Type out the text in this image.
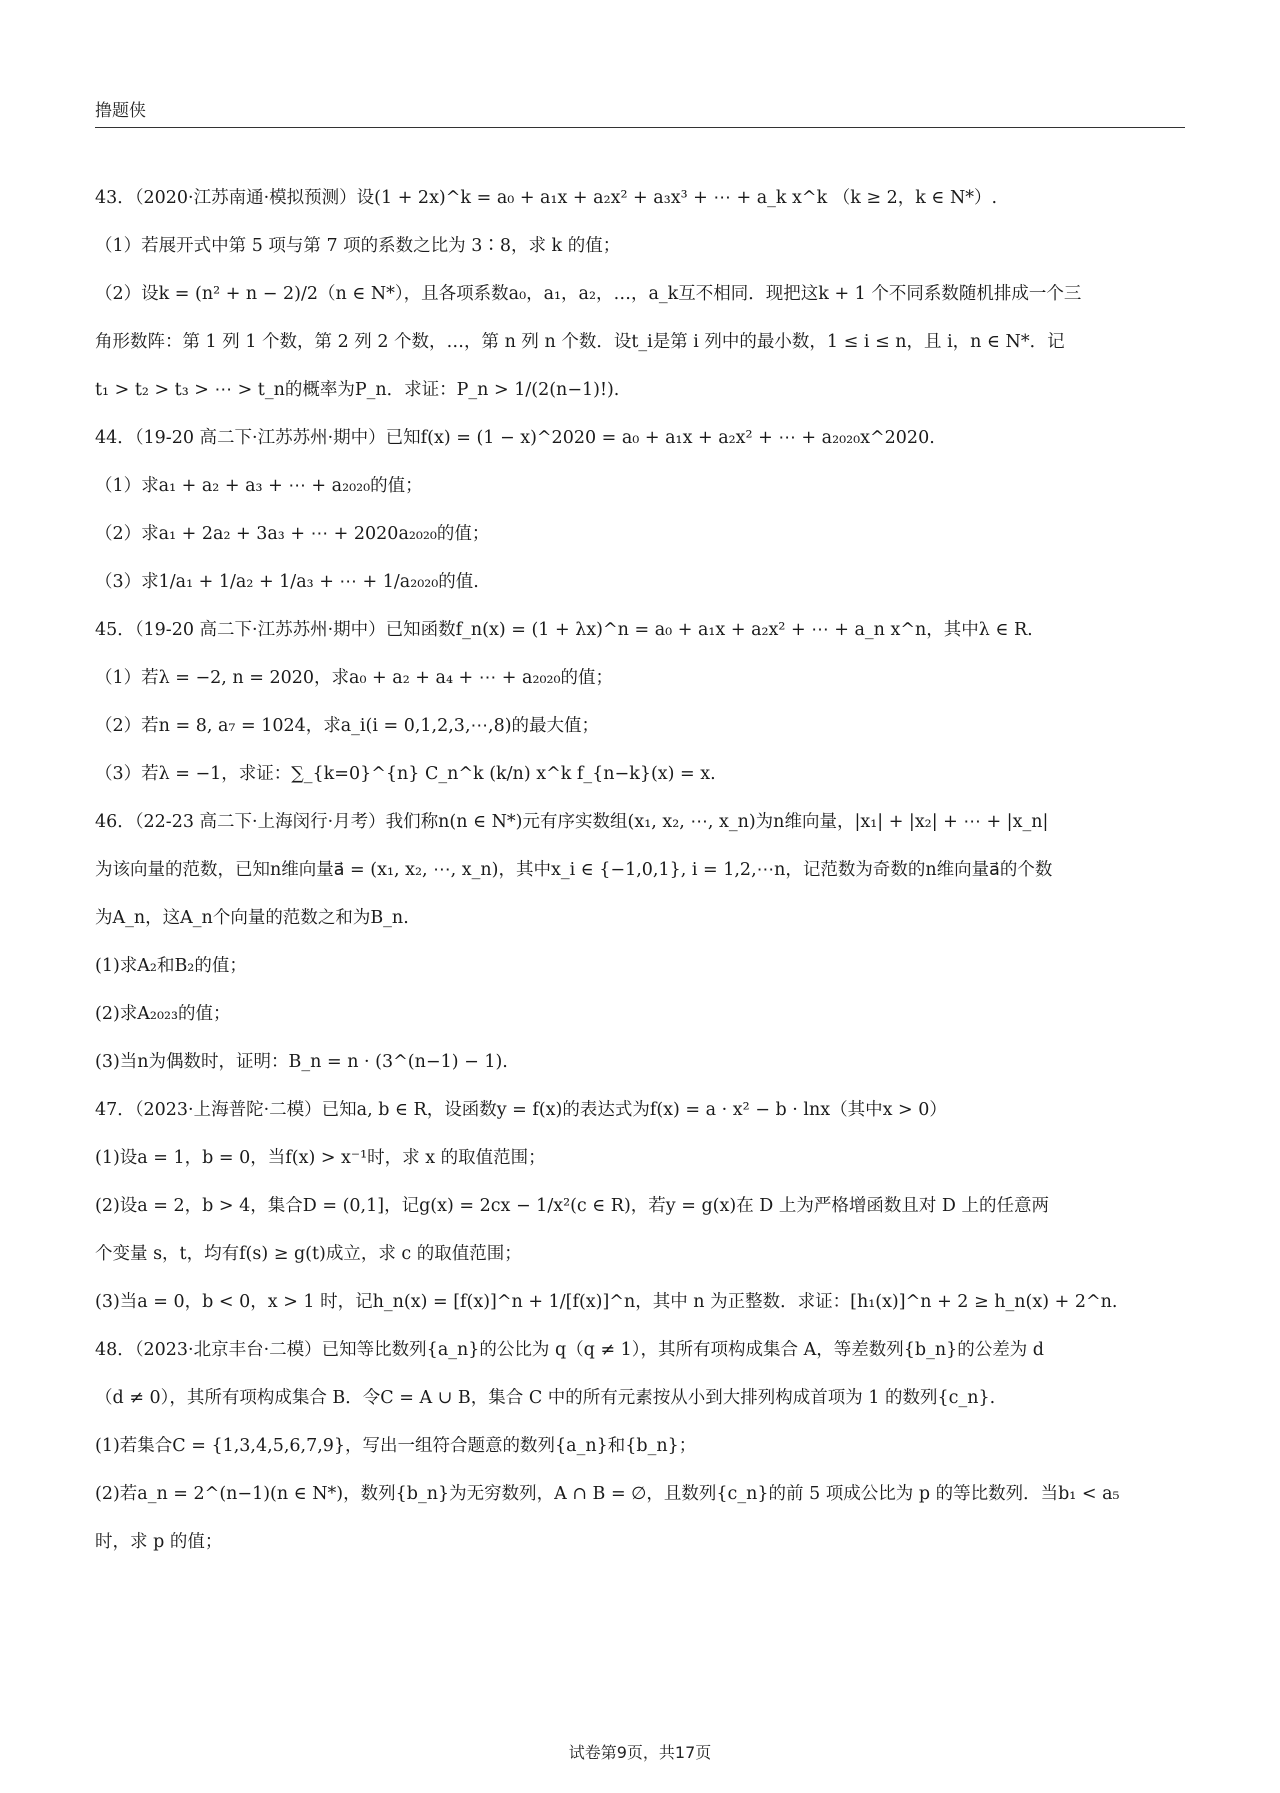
撸题侠
43．（2020·江苏南通·模拟预测）设(1 + 2x)^k = a₀ + a₁x + a₂x² + a₃x³ + ⋯ + a_k x^k （k ≥ 2，k ∈ N*）.
（1）若展开式中第 5 项与第 7 项的系数之比为 3∶8，求 k 的值；
（2）设k = (n² + n − 2)/2（n ∈ N*），且各项系数a₀，a₁，a₂，…，a_k互不相同．现把这k + 1 个不同系数随机排成一个三
角形数阵：第 1 列 1 个数，第 2 列 2 个数，…，第 n 列 n 个数．设t_i是第 i 列中的最小数，1 ≤ i ≤ n，且 i，n ∈ N*．记
t₁ > t₂ > t₃ > ⋯ > t_n的概率为P_n．求证：P_n > 1/(2(n−1)!).
44．（19-20 高二下·江苏苏州·期中）已知f(x) = (1 − x)^2020 = a₀ + a₁x + a₂x² + ⋯ + a₂₀₂₀x^2020.
（1）求a₁ + a₂ + a₃ + ⋯ + a₂₀₂₀的值；
（2）求a₁ + 2a₂ + 3a₃ + ⋯ + 2020a₂₀₂₀的值；
（3）求1/a₁ + 1/a₂ + 1/a₃ + ⋯ + 1/a₂₀₂₀的值.
45．（19-20 高二下·江苏苏州·期中）已知函数f_n(x) = (1 + λx)^n = a₀ + a₁x + a₂x² + ⋯ + a_n x^n，其中λ ∈ R.
（1）若λ = −2, n = 2020，求a₀ + a₂ + a₄ + ⋯ + a₂₀₂₀的值；
（2）若n = 8, a₇ = 1024，求a_i(i = 0,1,2,3,⋯,8)的最大值；
（3）若λ = −1，求证：∑_{k=0}^{n} C_n^k (k/n) x^k f_{n−k}(x) = x.
46．（22-23 高二下·上海闵行·月考）我们称n(n ∈ N*)元有序实数组(x₁, x₂, ⋯, x_n)为n维向量，|x₁| + |x₂| + ⋯ + |x_n|
为该向量的范数，已知n维向量a⃗ = (x₁, x₂, ⋯, x_n)，其中x_i ∈ {−1,0,1}, i = 1,2,⋯n，记范数为奇数的n维向量a⃗的个数
为A_n，这A_n个向量的范数之和为B_n.
(1)求A₂和B₂的值；
(2)求A₂₀₂₃的值；
(3)当n为偶数时，证明：B_n = n · (3^(n−1) − 1).
47．（2023·上海普陀·二模）已知a, b ∈ R，设函数y = f(x)的表达式为f(x) = a · x² − b · lnx（其中x > 0）
(1)设a = 1，b = 0，当f(x) > x⁻¹时，求 x 的取值范围；
(2)设a = 2，b > 4，集合D = (0,1]，记g(x) = 2cx − 1/x²(c ∈ R)，若y = g(x)在 D 上为严格增函数且对 D 上的任意两
个变量 s，t，均有f(s) ≥ g(t)成立，求 c 的取值范围；
(3)当a = 0，b < 0，x > 1 时，记h_n(x) = [f(x)]^n + 1/[f(x)]^n，其中 n 为正整数．求证：[h₁(x)]^n + 2 ≥ h_n(x) + 2^n.
48．（2023·北京丰台·二模）已知等比数列{a_n}的公比为 q（q ≠ 1），其所有项构成集合 A，等差数列{b_n}的公差为 d
（d ≠ 0），其所有项构成集合 B．令C = A ∪ B，集合 C 中的所有元素按从小到大排列构成首项为 1 的数列{c_n}.
(1)若集合C = {1,3,4,5,6,7,9}，写出一组符合题意的数列{a_n}和{b_n}；
(2)若a_n = 2^(n−1)(n ∈ N*)，数列{b_n}为无穷数列，A ∩ B = ∅，且数列{c_n}的前 5 项成公比为 p 的等比数列．当b₁ < a₅
时，求 p 的值；
试卷第9页，共17页
